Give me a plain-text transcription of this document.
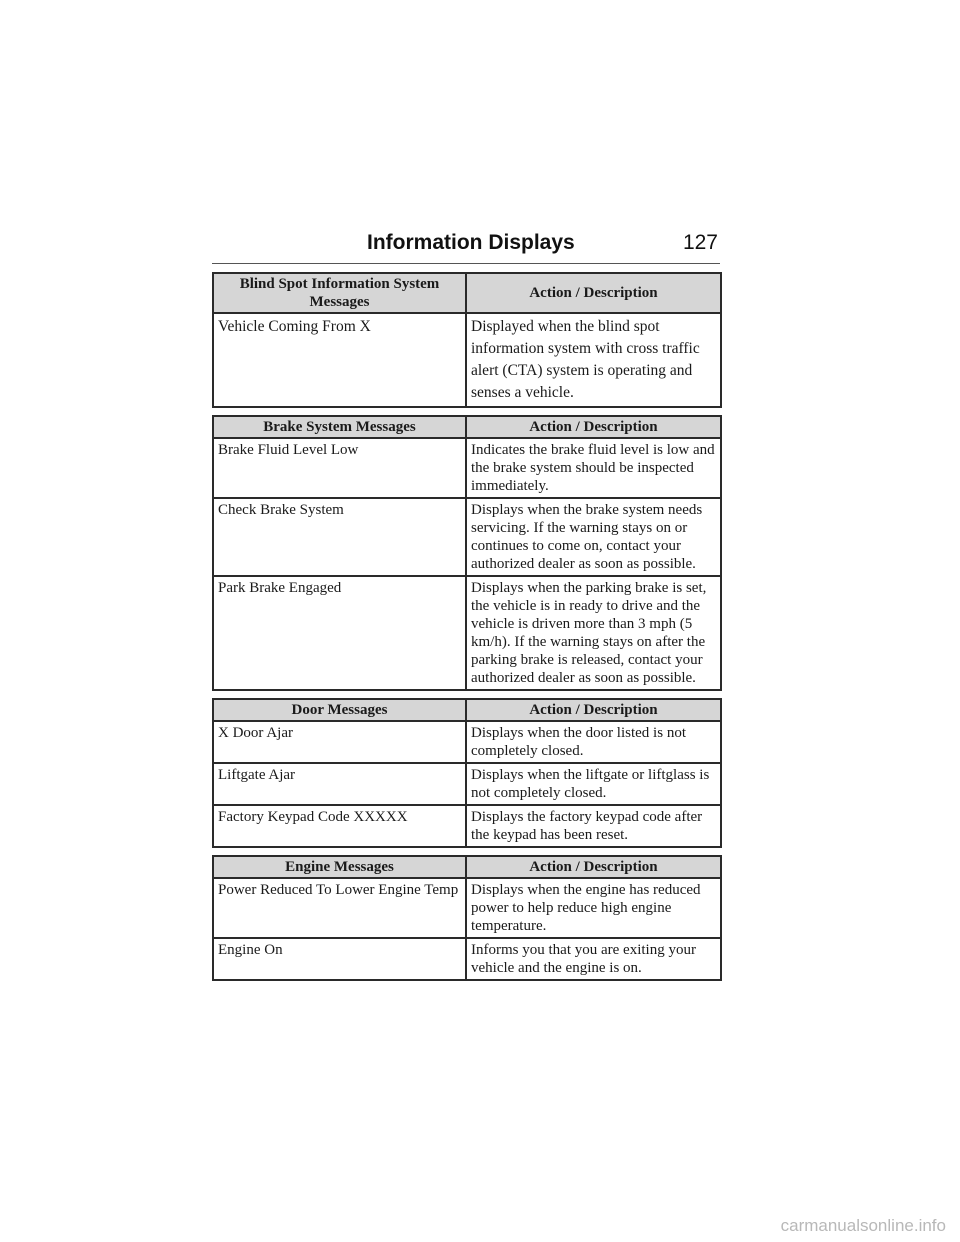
Information Displays	127
Blind Spot Information System Messages	Action / Description
Vehicle Coming From X	Displayed when the blind spot information system with cross traffic alert (CTA) system is operating and senses a vehicle.
Brake System Messages	Action / Description
Brake Fluid Level Low	Indicates the brake fluid level is low and the brake system should be inspected immediately.
Check Brake System	Displays when the brake system needs servicing. If the warning stays on or continues to come on, contact your authorized dealer as soon as possible.
Park Brake Engaged	Displays when the parking brake is set, the vehicle is in ready to drive and the vehicle is driven more than 3 mph (5 km/h). If the warning stays on after the parking brake is released, contact your authorized dealer as soon as possible.
Door Messages	Action / Description
X Door Ajar	Displays when the door listed is not completely closed.
Liftgate Ajar	Displays when the liftgate or liftglass is not completely closed.
Factory Keypad Code XXXXX	Displays the factory keypad code after the keypad has been reset.
Engine Messages	Action / Description
Power Reduced To Lower Engine Temp	Displays when the engine has reduced power to help reduce high engine temperature.
Engine On	Informs you that you are exiting your vehicle and the engine is on.
carmanualsonline.info
